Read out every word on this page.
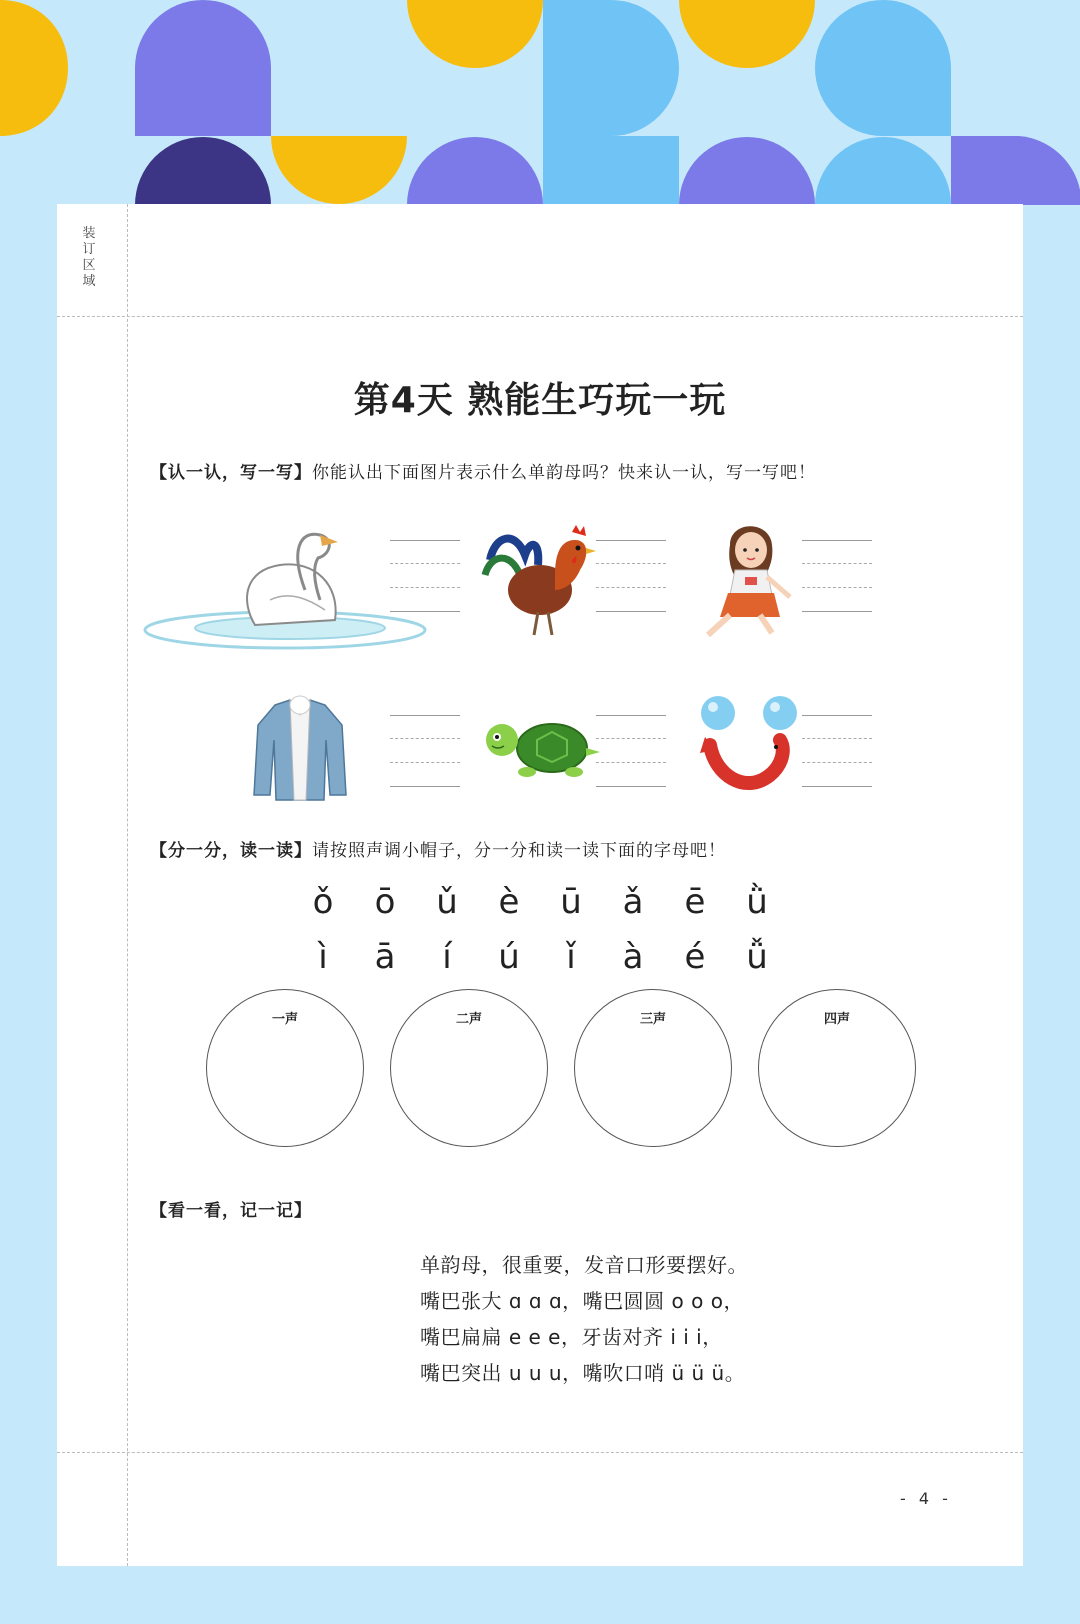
装订区域
第4天 熟能生巧玩一玩
【认一认，写一写】你能认出下面图片表示什么单韵母吗？快来认一认，写一写吧！
【分一分，读一读】请按照声调小帽子，分一分和读一读下面的字母吧！
ǒ ō ǔ è ū ǎ ē ǜ
ì ā í ú ǐ à é ǚ
一声	二声	三声	四声
【看一看，记一记】
单韵母，很重要，发音口形要摆好。
嘴巴张大 ɑ ɑ ɑ，嘴巴圆圆 o o o，
嘴巴扁扁 e e e，牙齿对齐 i i i，
嘴巴突出 u u u，嘴吹口哨 ü ü ü。
- 4 -
